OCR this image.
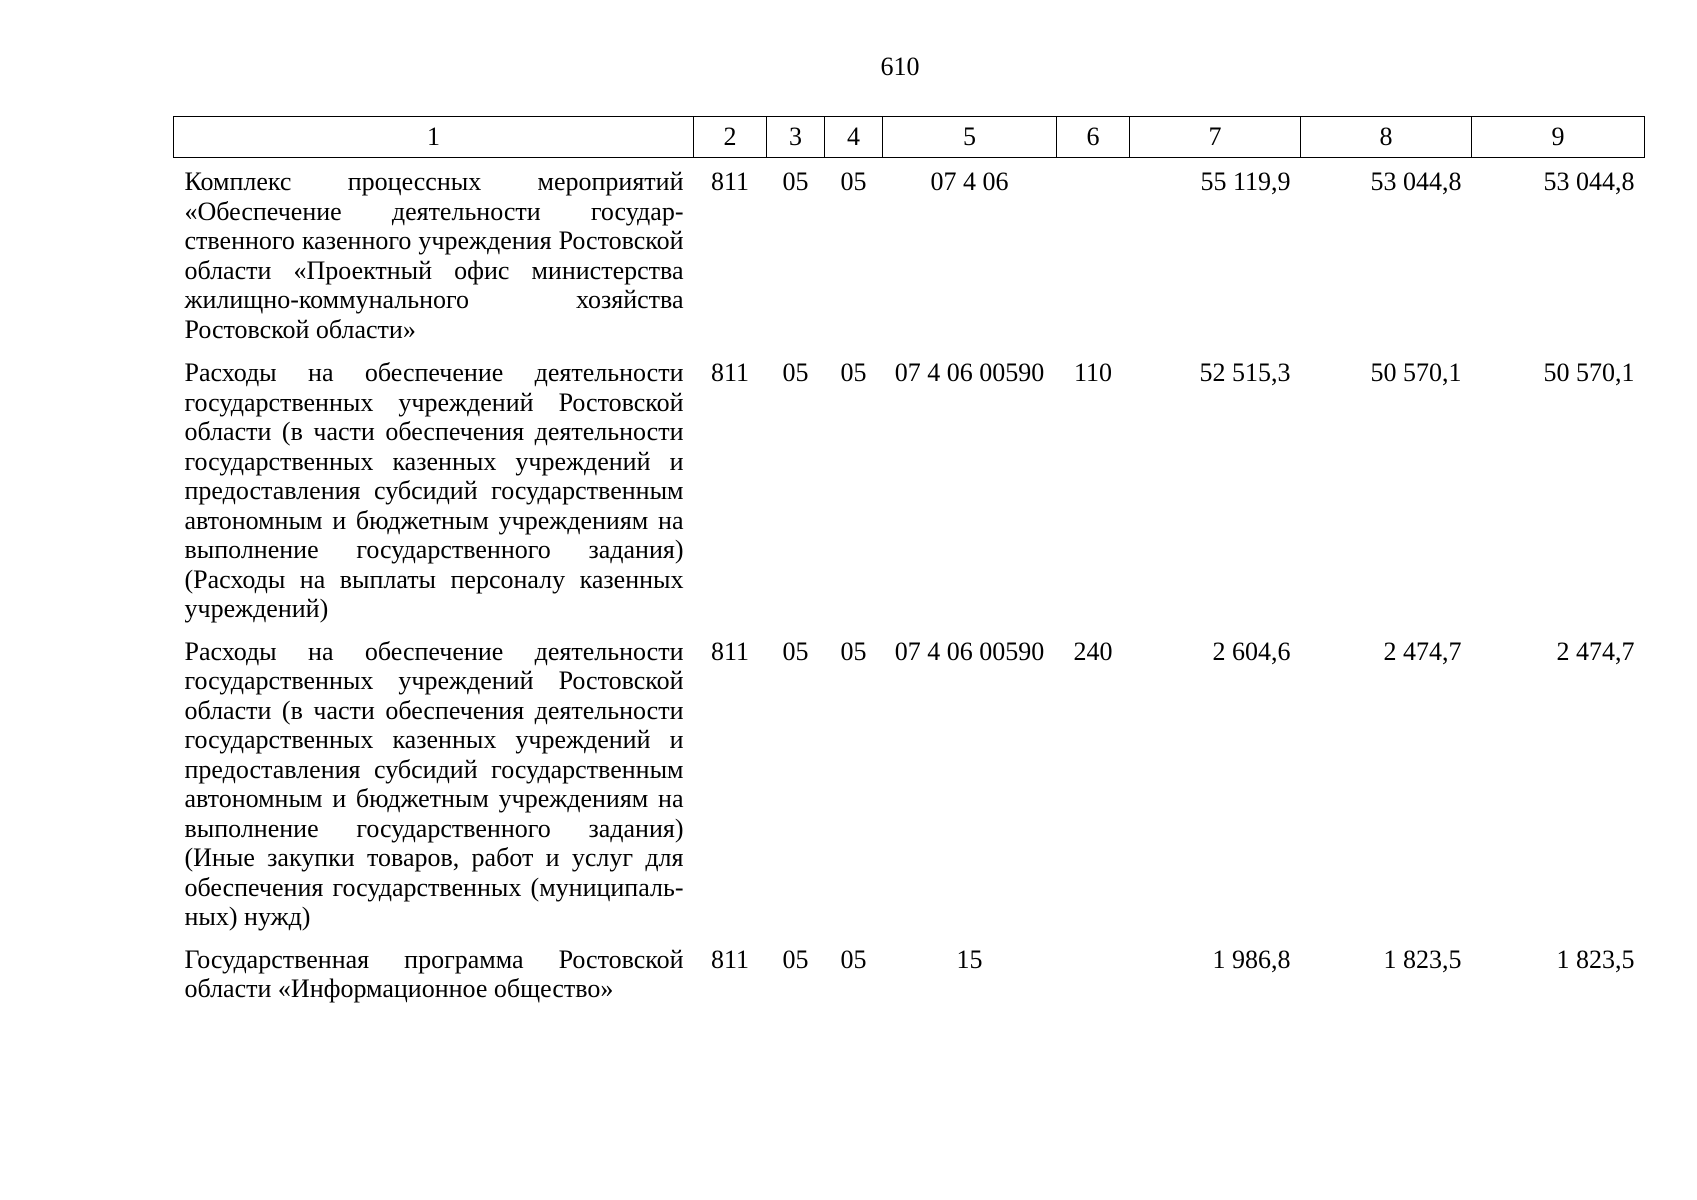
610
1	2	3	4	5	6	7	8	9
Комплекс процессных мероприятий «Обеспечение деятельности государственного казенного учреждения Ростовской области «Проектный офис министерства жилищно-коммунального хозяйства Ростовской области»	811	05	05	07 4 06		55 119,9	53 044,8	53 044,8
Расходы на обеспечение деятельности государственных учреждений Ростовской области (в части обеспечения деятельности государственных казенных учреждений и предоставления субсидий государственным автономным и бюджетным учреждениям на выполнение государственного задания) (Расходы на выплаты персоналу казенных учреждений)	811	05	05	07 4 06 00590	110	52 515,3	50 570,1	50 570,1
Расходы на обеспечение деятельности государственных учреждений Ростовской области (в части обеспечения деятельности государственных казенных учреждений и предоставления субсидий государственным автономным и бюджетным учреждениям на выполнение государственного задания) (Иные закупки товаров, работ и услуг для обеспечения государственных (муниципальных) нужд)	811	05	05	07 4 06 00590	240	2 604,6	2 474,7	2 474,7
Государственная программа Ростовской области «Информационное общество»	811	05	05	15		1 986,8	1 823,5	1 823,5
